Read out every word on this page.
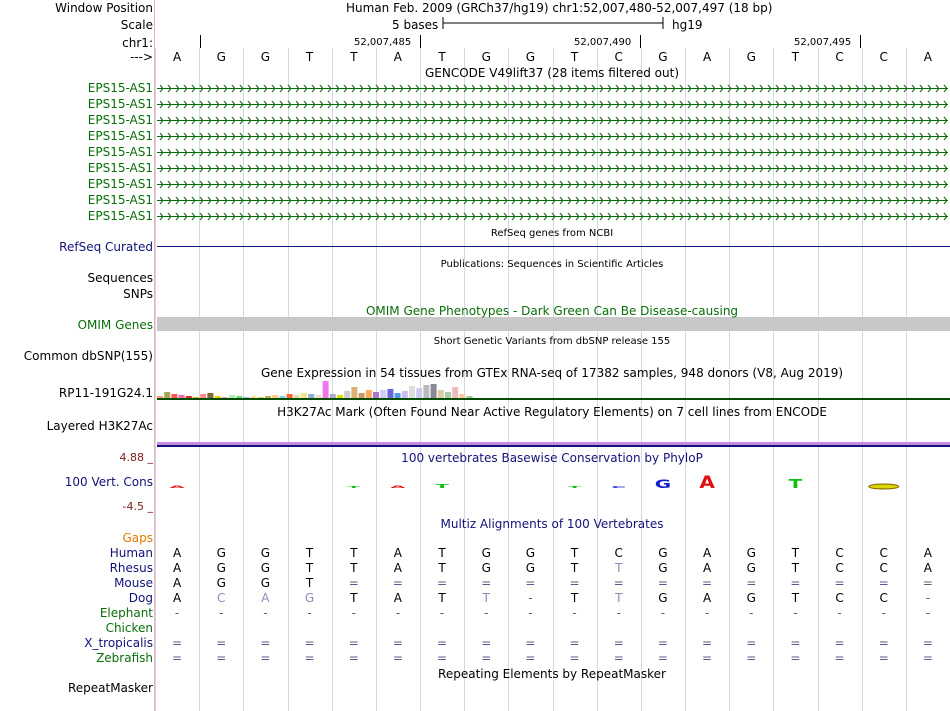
A	T A T	T C G A	T
Window Position	Human Feb. 2009 (GRCh37/hg19) chr1:52,007,480-52,007,497 (18 bp)
Scale	5 bases	hg19
chr1:	52,007,485	52,007,490	52,007,495
--->	A	G	G	T	T	A	T	G	G	T	C	G	A	G	T	C	C	A
GENCODE V49lift37 (28 items filtered out)
EPS15-AS1
EPS15-AS1
EPS15-AS1
EPS15-AS1
EPS15-AS1
EPS15-AS1
EPS15-AS1
EPS15-AS1
EPS15-AS1
RefSeq genes from NCBI
RefSeq Curated
Publications: Sequences in Scientific Articles
Sequences
SNPs
OMIM Gene Phenotypes - Dark Green Can Be Disease-causing
OMIM Genes
Short Genetic Variants from dbSNP release 155
Common dbSNP(155)
Gene Expression in 54 tissues from GTEx RNA-seq of 17382 samples, 948 donors (V8, Aug 2019)
RP11-191G24.1
H3K27Ac Mark (Often Found Near Active Regulatory Elements) on 7 cell lines from ENCODE
Layered H3K27Ac
100 vertebrates Basewise Conservation by PhyloP
4.88 _
100 Vert. Cons
-4.5 _
Multiz Alignments of 100 Vertebrates
Gaps
Human	A	G	G	T	T	A	T	G	G	T	C	G	A	G	T	C	C	A
Rhesus	A	G	G	T	T	A	T	G	G	T	T	G	A	G	T	C	C	A
Mouse	A	G	G	T	=	=	=	=	=	=	=	=	=	=	=	=	=	=
Dog	A	C	A	G	T	A	T	T	-	T	T	G	A	G	T	C	C	-
Elephant	-	-	-	-	-	-	-	-	-	-	-	-	-	-	-	-	-	-
Chicken
X_tropicalis	=	=	=	=	=	=	=	=	=	=	=	=	=	=	=	=	=	=
Zebrafish	=	=	=	=	=	=	=	=	=	=	=	=	=	=	=	=	=	=
Repeating Elements by RepeatMasker
RepeatMasker
